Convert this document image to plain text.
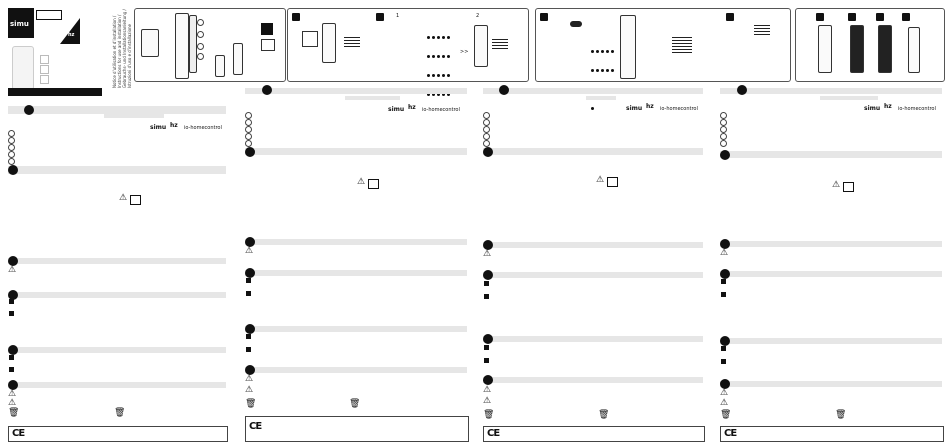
simu
hz	Notice d'utilisation et d'installation / Instructions for use and installation / Gebrauchs- und Installationsanleitung / Istruzioni d'uso e d'installazione
1	2
>>
simu hz io-homecontrol
⚠
⚠
⚠
⚠
🗑	🗑
CE
simu hz io-homecontrol
⚠
⚠
⚠
⚠
🗑	🗑
CE
simu hz io-homecontrol
⚠
⚠
⚠
⚠
🗑	🗑
CE
simu hz io-homecontrol
⚠
⚠
⚠
⚠
🗑	🗑
CE
